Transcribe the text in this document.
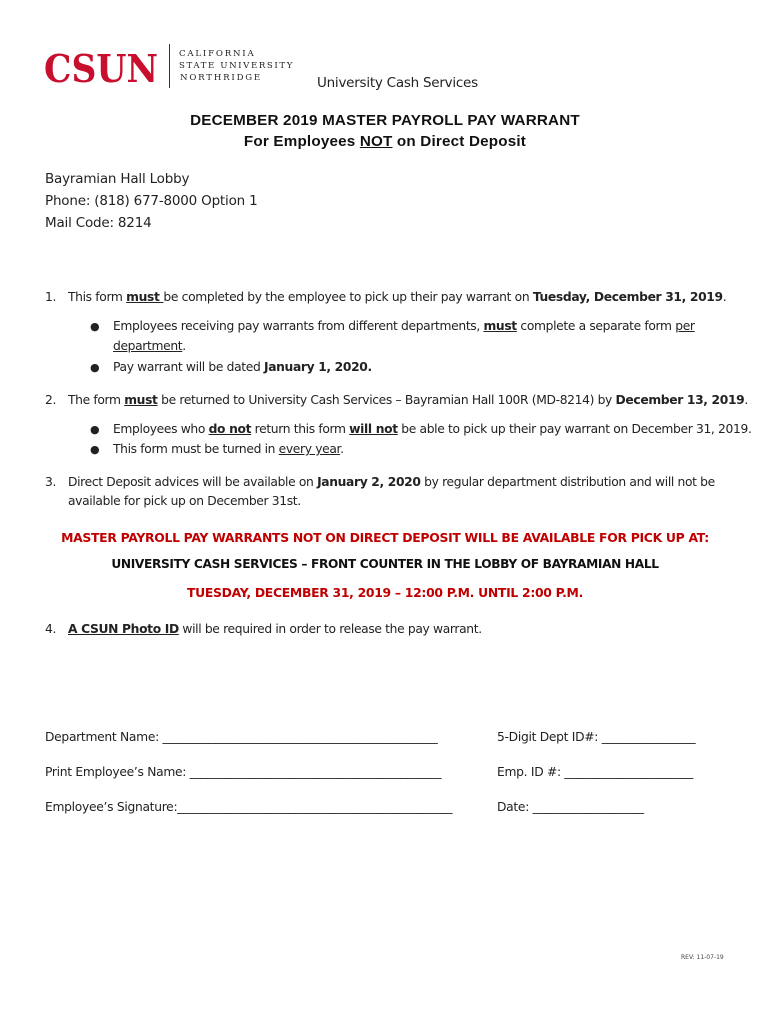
CSUN CALIFORNIA
STATE UNIVERSITY
NORTHRIDGE	University Cash Services
DECEMBER 2019 MASTER PAYROLL PAY WARRANT
For Employees NOT on Direct Deposit
Bayramian Hall Lobby
Phone: (818) 677-8000 Option 1
Mail Code: 8214
1. This form must be completed by the employee to pick up their pay warrant on Tuesday, December 31, 2019.
● Employees receiving pay warrants from different departments, must complete a separate form per
department.
● Pay warrant will be dated January 1, 2020.
2. The form must be returned to University Cash Services – Bayramian Hall 100R (MD-8214) by December 13, 2019.
● Employees who do not return this form will not be able to pick up their pay warrant on December 31, 2019.
● This form must be turned in every year.
3. Direct Deposit advices will be available on January 2, 2020 by regular department distribution and will not be
available for pick up on December 31st.
MASTER PAYROLL PAY WARRANTS NOT ON DIRECT DEPOSIT WILL BE AVAILABLE FOR PICK UP AT:
UNIVERSITY CASH SERVICES – FRONT COUNTER IN THE LOBBY OF BAYRAMIAN HALL
TUESDAY, DECEMBER 31, 2019 – 12:00 P.M. UNTIL 2:00 P.M.
4. A CSUN Photo ID will be required in order to release the pay warrant.
Department Name: _______________________________________________	5-Digit Dept ID#: ________________
Print Employee’s Name: ___________________________________________	Emp. ID #: ______________________
Employee’s Signature:_______________________________________________	Date: ___________________
REV: 11-07-19
